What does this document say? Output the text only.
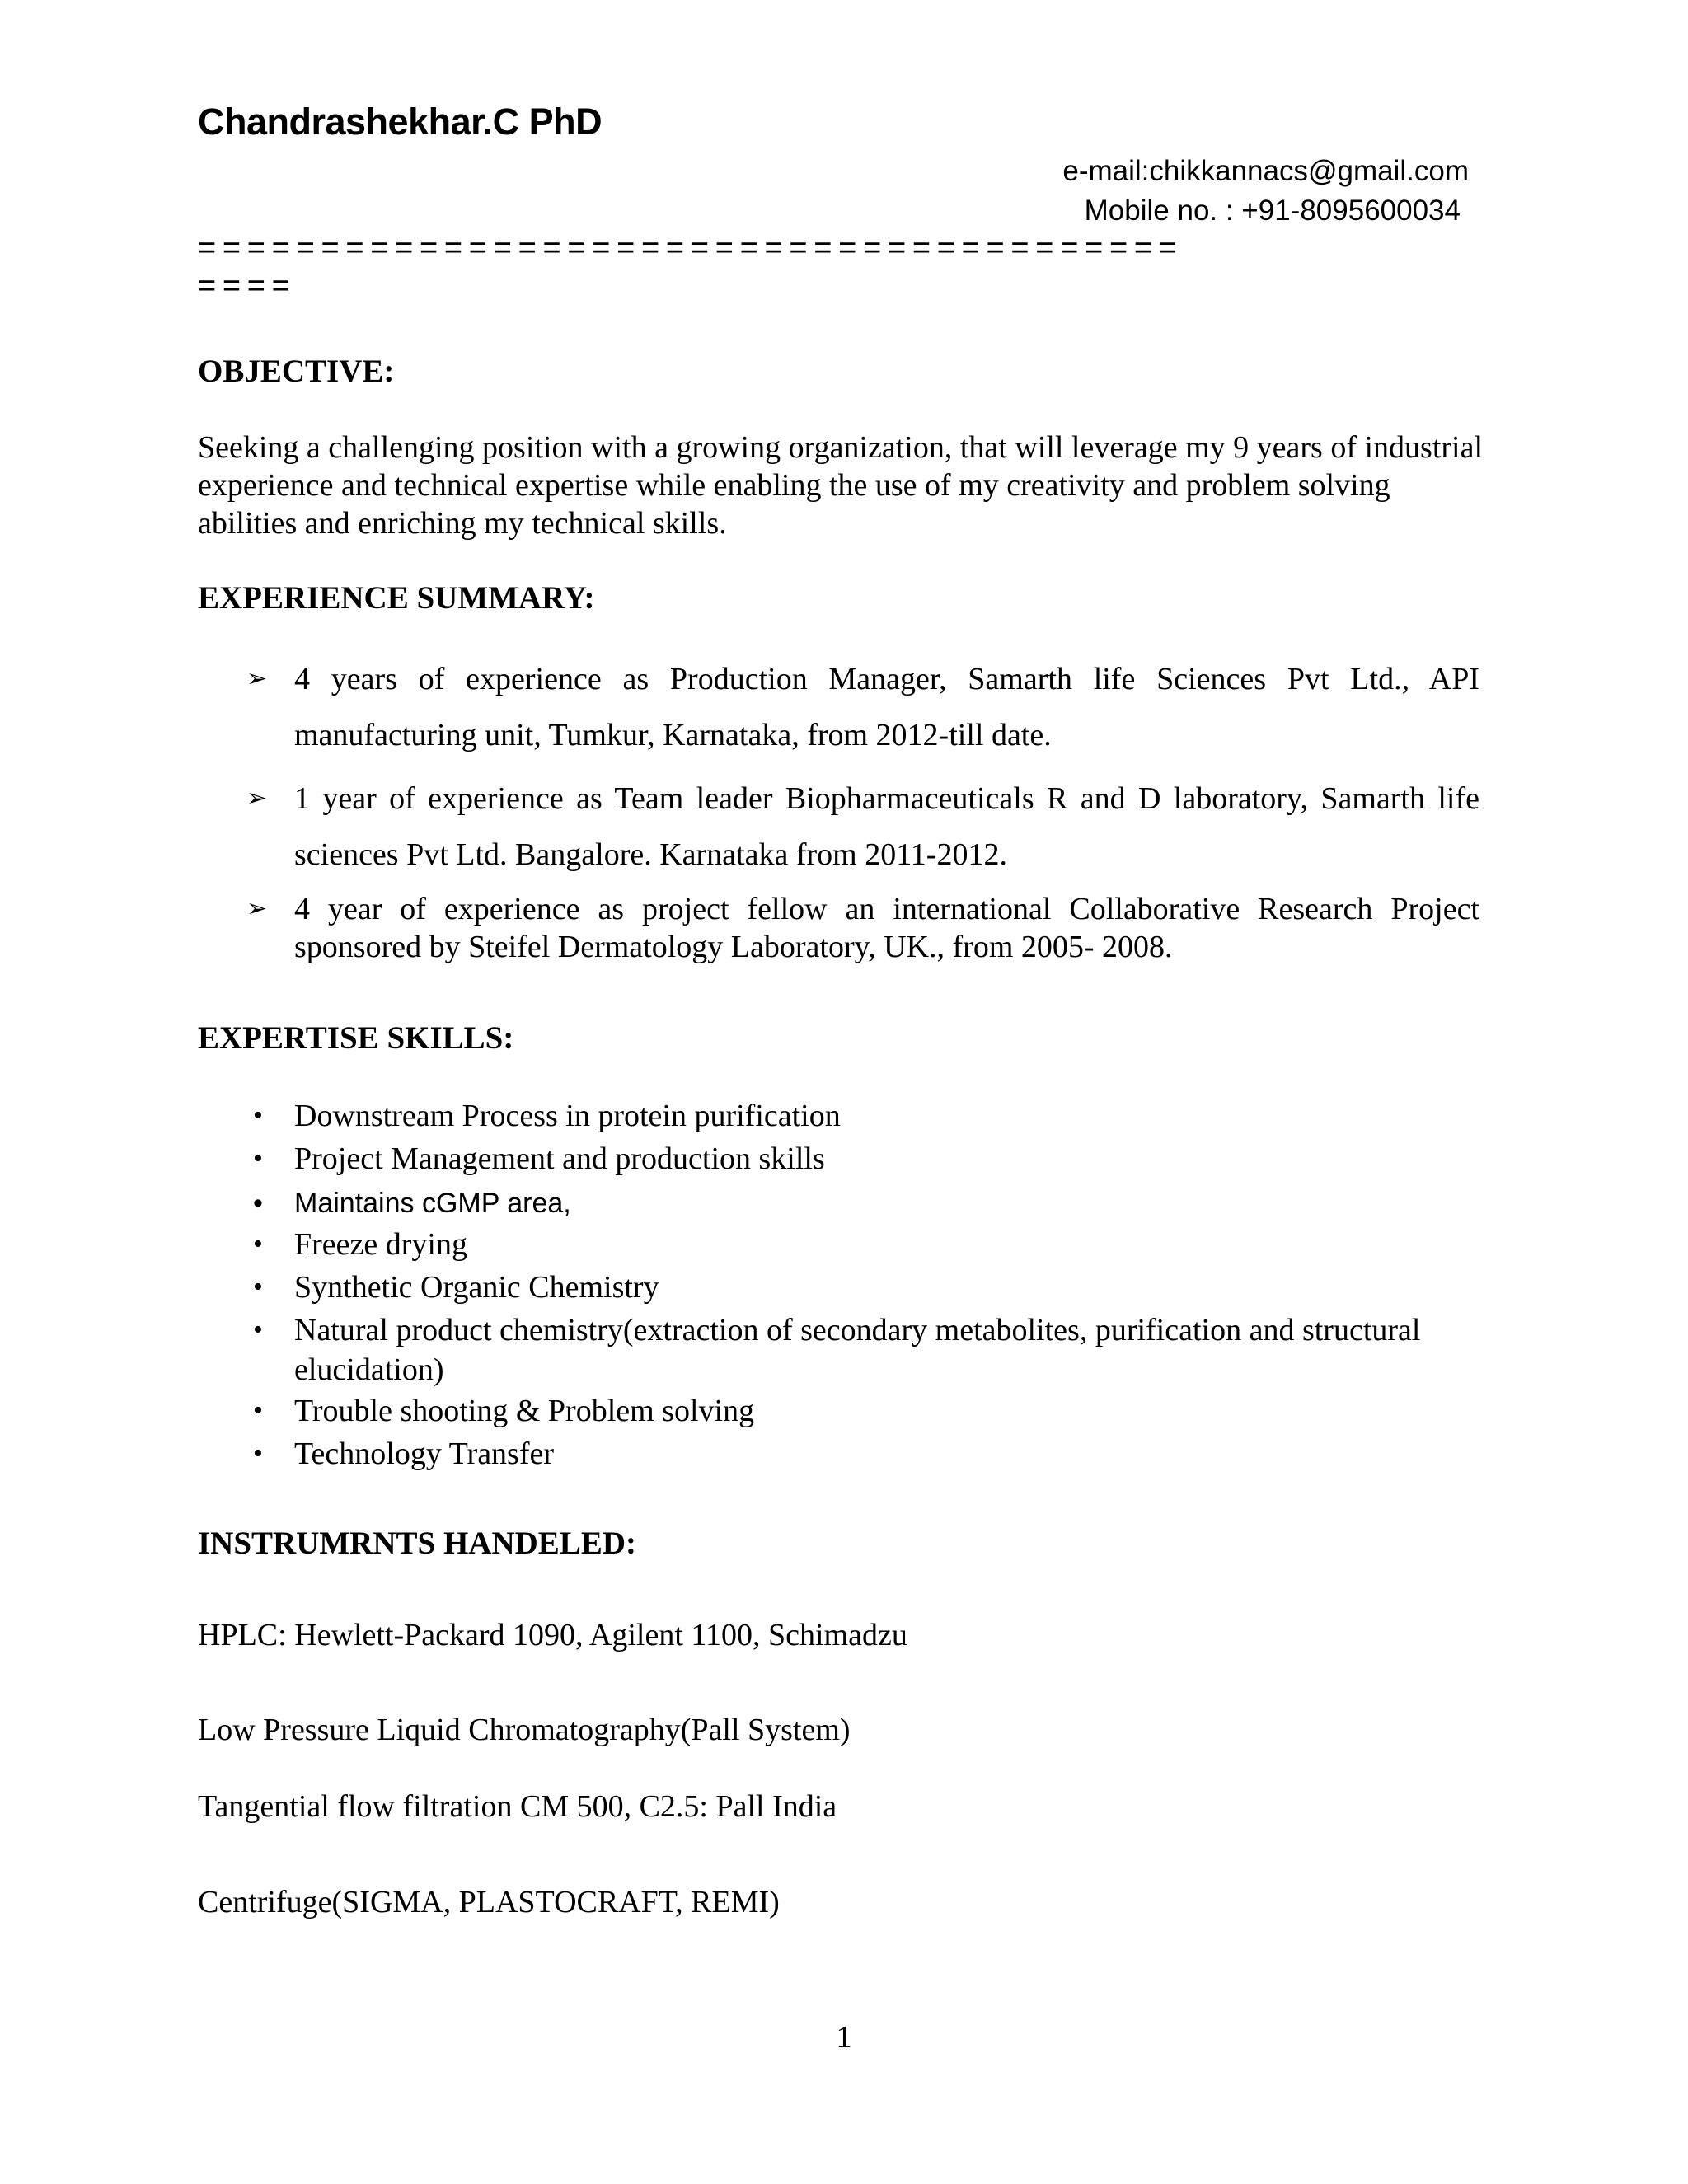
Chandrashekhar.C PhD
e-mail:chikkannacs@gmail.com
Mobile no. : +91-8095600034
========================================
====
OBJECTIVE:
Seeking a challenging position with a growing organization, that will leverage my 9 years of industrial experience and technical expertise while enabling the use of my creativity and problem solving abilities and enriching my technical skills.
EXPERIENCE SUMMARY:
➢ 4 years of experience as Production Manager, Samarth life Sciences Pvt Ltd., API manufacturing unit, Tumkur, Karnataka, from 2012-till date.
➢ 1 year of experience as Team leader Biopharmaceuticals R and D laboratory, Samarth life sciences Pvt Ltd. Bangalore. Karnataka from 2011-2012.
➢ 4 year of experience as project fellow an international Collaborative Research Project sponsored by Steifel Dermatology Laboratory, UK., from 2005- 2008.
EXPERTISE SKILLS:
• Downstream Process in protein purification
• Project Management and production skills
• Maintains cGMP area,
• Freeze drying
• Synthetic Organic Chemistry
• Natural product chemistry(extraction of secondary metabolites, purification and structural elucidation)
• Trouble shooting & Problem solving
• Technology Transfer
INSTRUMRNTS HANDELED:
HPLC: Hewlett-Packard 1090, Agilent 1100, Schimadzu
Low Pressure Liquid Chromatography(Pall System)
Tangential flow filtration CM 500, C2.5: Pall India
Centrifuge(SIGMA, PLASTOCRAFT, REMI)
1
